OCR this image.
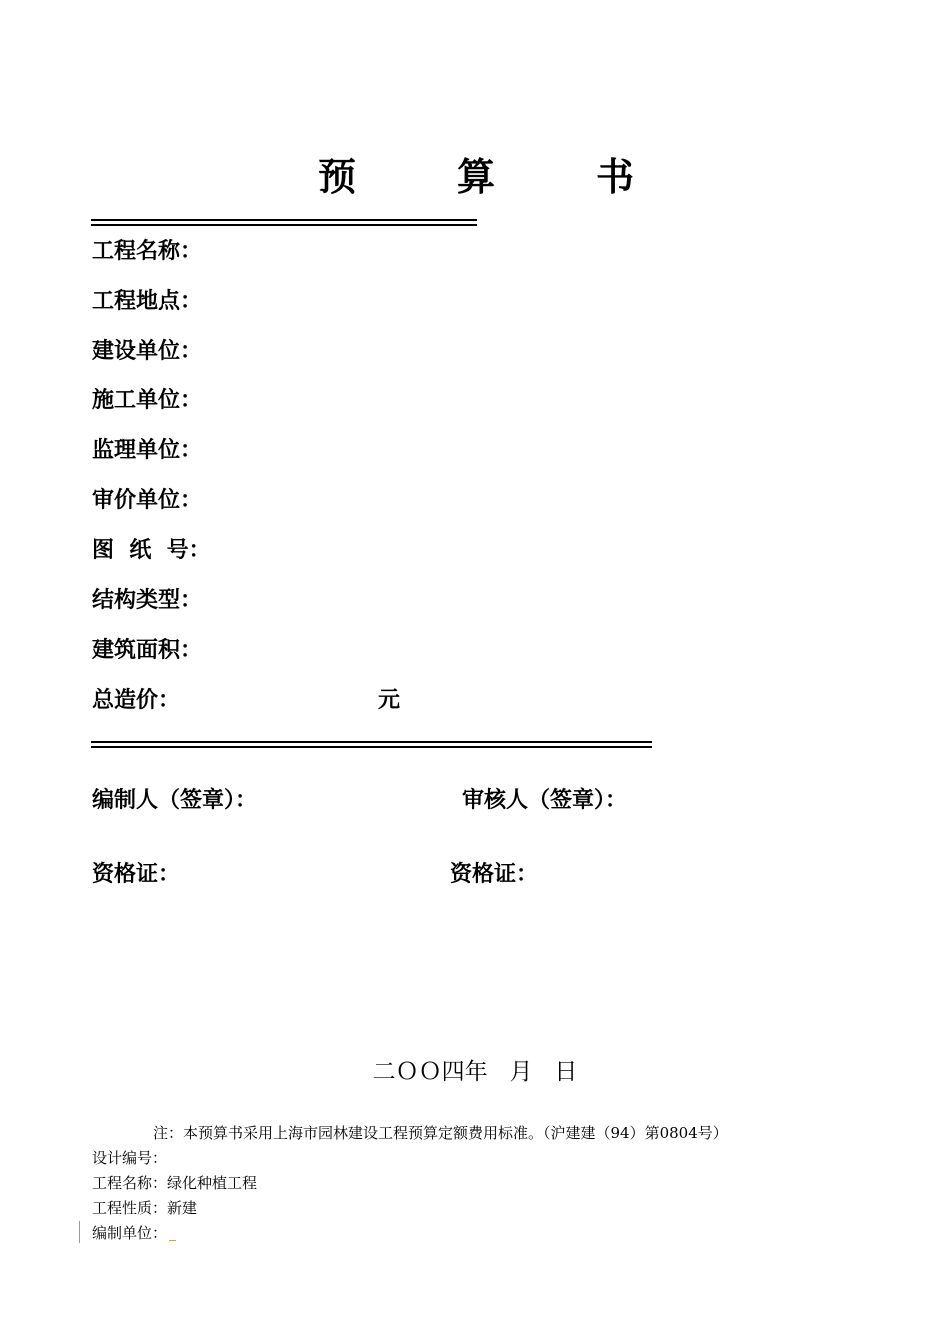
预	算	书
工程名称：
工程地点：
建设单位：
施工单位：
监理单位：
审价单位：
图  纸  号：
结构类型：
建筑面积：
总造价：	元
编制人（签章）：	审核人（签章）：
资格证：	资格证：
二ＯＯ四年   月   日
注：本预算书采用上海市园林建设工程预算定额费用标准。（沪建建（94）第0804号）
设计编号：
工程名称：绿化种植工程
工程性质：新建
编制单位：
